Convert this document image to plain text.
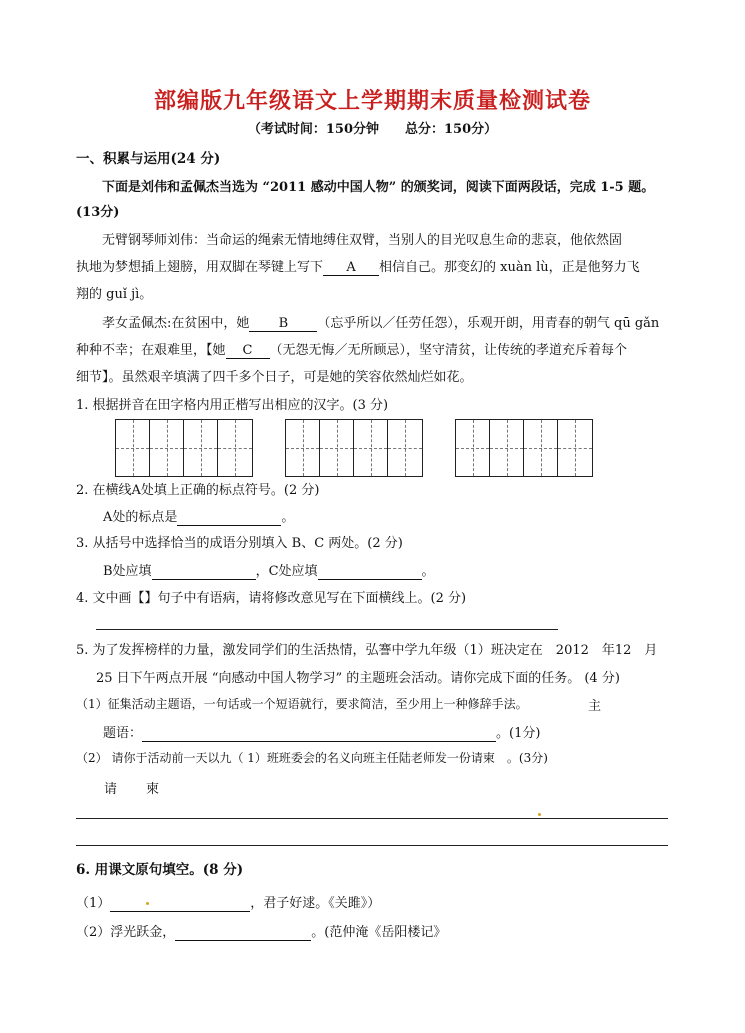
部编版九年级语文上学期期末质量检测试卷
（考试时间：150分钟　　总分：150分）
一、积累与运用(24 分)
　　下面是刘伟和孟佩杰当选为 “2011 感动中国人物” 的颁奖词，阅读下面两段话，完成 1-5 题。
(13分)
　　无臂钢琴师刘伟：当命运的绳索无情地缚住双臂，当别人的目光叹息生命的悲哀，他依然固
执地为梦想插上翅膀，用双脚在琴键上写下 A 相信自己。那变幻的 xuàn lù，正是他努力飞
翔的 guǐ jì。
　　孝女孟佩杰:在贫困中，她 B （忘乎所以／任劳任怨），乐观开朗，用青春的朝气 qū gǎn
种种不幸；在艰难里，【她 C （无怨无悔／无所顾忌），坚守清贫，让传统的孝道充斥着每个
细节】。虽然艰辛填满了四千多个日子，可是她的笑容依然灿烂如花。
1. 根据拼音在田字格内用正楷写出相应的汉字。(3 分)
2. 在横线A处填上正确的标点符号。(2 分)
A处的标点是	。
3. 从括号中选择恰当的成语分别填入 B、C 两处。(2 分)
B处应填	，C处应填	。
4. 文中画【】句子中有语病，请将修改意见写在下面横线上。(2 分)
5. 为了发挥榜样的力量，激发同学们的生活热情，弘謇中学九年级（1）班决定在　2012　年12　月
25 日下午两点开展 “向感动中国人物学习” 的主题班会活动。请你完成下面的任务。 (4 分)
（1）征集活动主题语，一句话或一个短语就行，要求简洁，至少用上一种修辞手法。	主
题语：	。(1分)
（2） 请你于活动前一天以九（ 1）班班委会的名义向班主任陆老师发一份请柬　。(3分)
请 柬
6. 用课文原句填空。(8 分)
（1）	，君子好逑。《关雎》）
（2）浮光跃金，	。(范仲淹《岳阳楼记》
